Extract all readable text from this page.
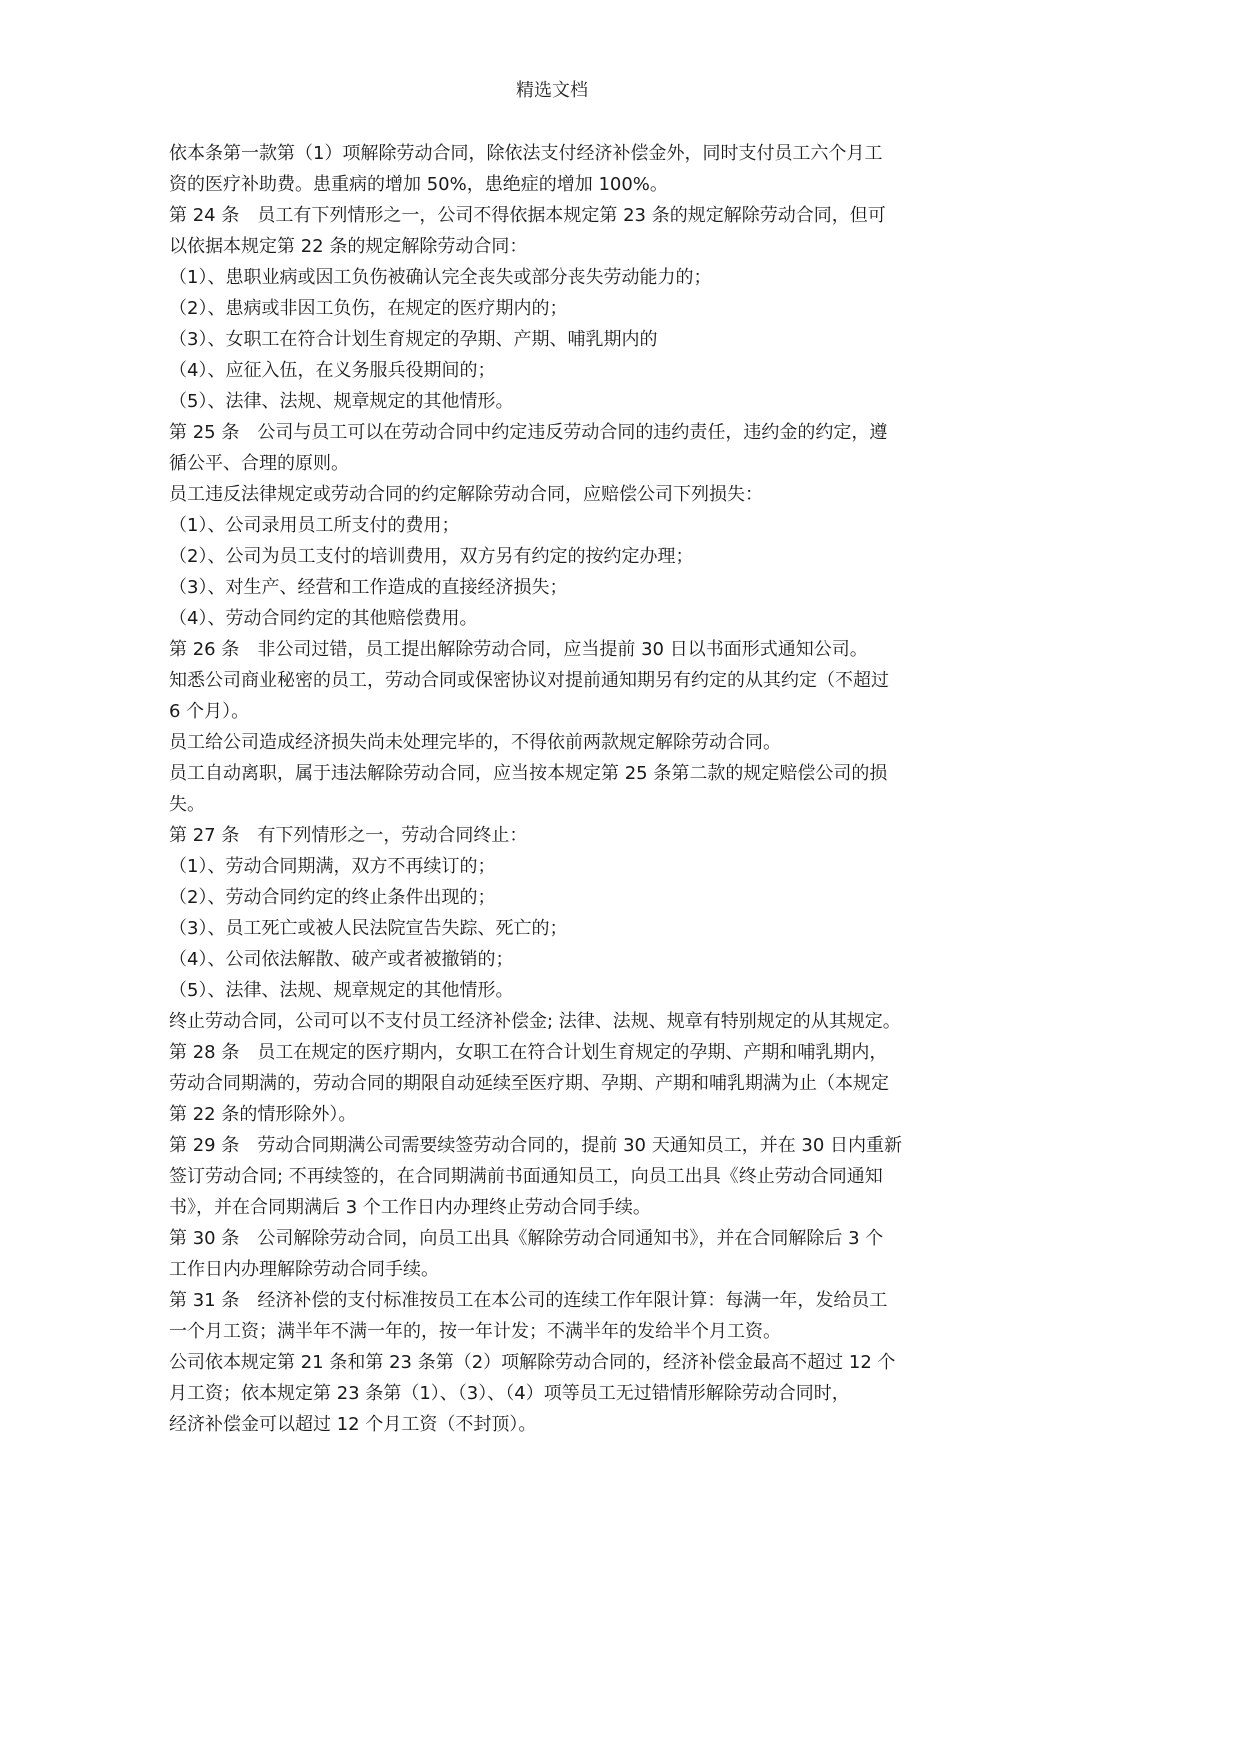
精选文档
依本条第一款第（1）项解除劳动合同，除依法支付经济补偿金外，同时支付员工六个月工
资的医疗补助费。患重病的增加 50%，患绝症的增加 100%。
第 24 条　员工有下列情形之一，公司不得依据本规定第 23 条的规定解除劳动合同，但可
以依据本规定第 22 条的规定解除劳动合同：
（1）、患职业病或因工负伤被确认完全丧失或部分丧失劳动能力的；
（2）、患病或非因工负伤，在规定的医疗期内的；
（3）、女职工在符合计划生育规定的孕期、产期、哺乳期内的
（4）、应征入伍，在义务服兵役期间的；
（5）、法律、法规、规章规定的其他情形。
第 25 条　公司与员工可以在劳动合同中约定违反劳动合同的违约责任，违约金的约定，遵
循公平、合理的原则。
员工违反法律规定或劳动合同的约定解除劳动合同，应赔偿公司下列损失：
（1）、公司录用员工所支付的费用；
（2）、公司为员工支付的培训费用，双方另有约定的按约定办理；
（3）、对生产、经营和工作造成的直接经济损失；
（4）、劳动合同约定的其他赔偿费用。
第 26 条　非公司过错，员工提出解除劳动合同，应当提前 30 日以书面形式通知公司。
知悉公司商业秘密的员工，劳动合同或保密协议对提前通知期另有约定的从其约定（不超过
6 个月）。
员工给公司造成经济损失尚未处理完毕的，不得依前两款规定解除劳动合同。
员工自动离职，属于违法解除劳动合同，应当按本规定第 25 条第二款的规定赔偿公司的损
失。
第 27 条　有下列情形之一，劳动合同终止：
（1）、劳动合同期满，双方不再续订的；
（2）、劳动合同约定的终止条件出现的；
（3）、员工死亡或被人民法院宣告失踪、死亡的；
（4）、公司依法解散、破产或者被撤销的；
（5）、法律、法规、规章规定的其他情形。
终止劳动合同，公司可以不支付员工经济补偿金; 法律、法规、规章有特别规定的从其规定。
第 28 条　员工在规定的医疗期内，女职工在符合计划生育规定的孕期、产期和哺乳期内，
劳动合同期满的，劳动合同的期限自动延续至医疗期、孕期、产期和哺乳期满为止（本规定
第 22 条的情形除外）。
第 29 条　劳动合同期满公司需要续签劳动合同的，提前 30 天通知员工，并在 30 日内重新
签订劳动合同; 不再续签的，在合同期满前书面通知员工，向员工出具《终止劳动合同通知
书》，并在合同期满后 3 个工作日内办理终止劳动合同手续。
第 30 条　公司解除劳动合同，向员工出具《解除劳动合同通知书》，并在合同解除后 3 个
工作日内办理解除劳动合同手续。
第 31 条　经济补偿的支付标准按员工在本公司的连续工作年限计算：每满一年，发给员工
一个月工资；满半年不满一年的，按一年计发；不满半年的发给半个月工资。
公司依本规定第 21 条和第 23 条第（2）项解除劳动合同的，经济补偿金最高不超过 12 个
月工资；依本规定第 23 条第（1）、（3）、（4）项等员工无过错情形解除劳动合同时，
经济补偿金可以超过 12 个月工资（不封顶）。
